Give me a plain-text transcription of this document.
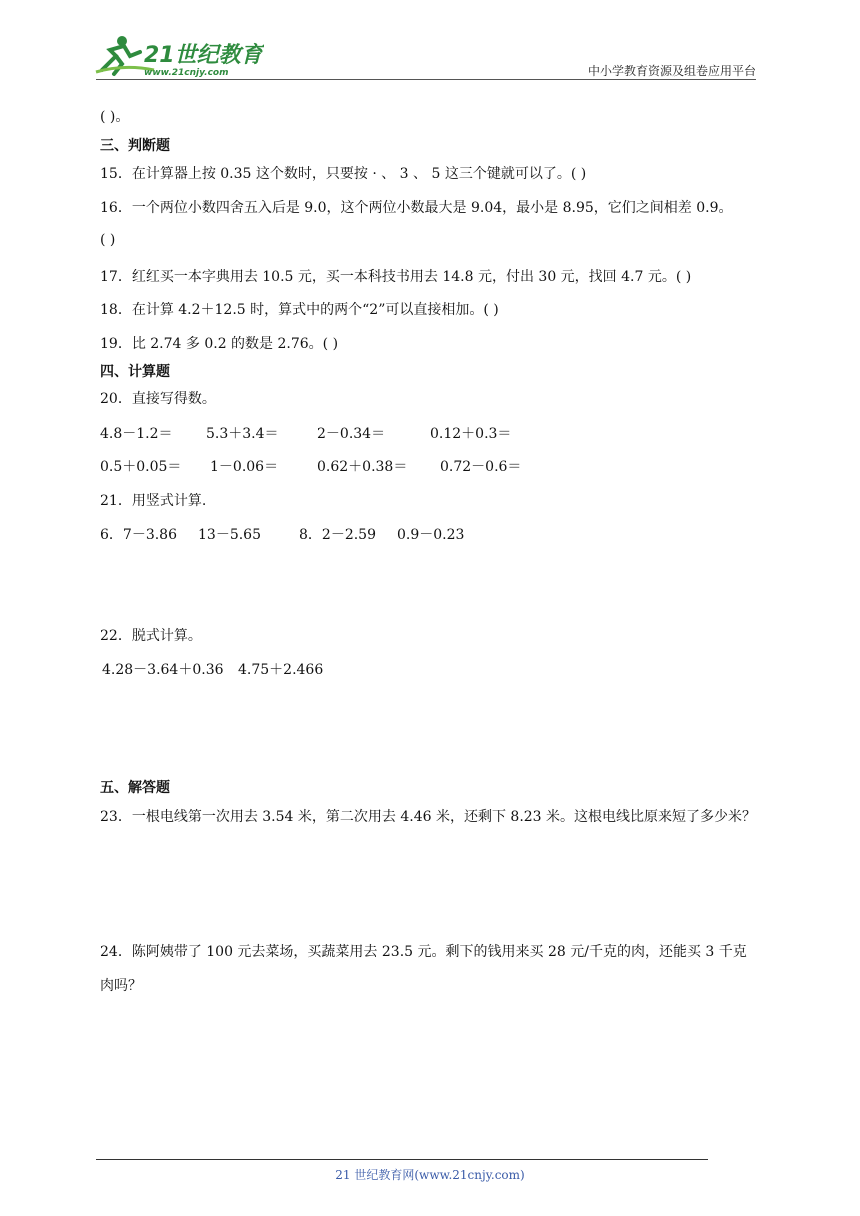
21世纪教育
www.21cnjy.com	中小学教育资源及组卷应用平台
( )。
三、判断题
15．在计算器上按 0.35 这个数时，只要按 · 、 3 、 5 这三个键就可以了。( )
16．一个两位小数四舍五入后是 9.0，这个两位小数最大是 9.04，最小是 8.95，它们之间相差 0.9。
( )
17．红红买一本字典用去 10.5 元，买一本科技书用去 14.8 元，付出 30 元，找回 4.7 元。( )
18．在计算 4.2＋12.5 时，算式中的两个“2”可以直接相加。( )
19．比 2.74 多 0.2 的数是 2.76。( )
四、计算题
20．直接写得数。
4.8－1.2＝ 5.3＋3.4＝	2－0.34＝	0.12＋0.3＝
0.5＋0.05＝ 1－0.06＝	0.62＋0.38＝ 0.72－0.6＝
21．用竖式计算.
6．7－3.86 13－5.65	8．2－2.59 0.9－0.23
22．脱式计算。
4.28－3.64＋0.36 4.75＋2.466
五、解答题
23．一根电线第一次用去 3.54 米，第二次用去 4.46 米，还剩下 8.23 米。这根电线比原来短了多少米？
24．陈阿姨带了 100 元去菜场，买蔬菜用去 23.5 元。剩下的钱用来买 28 元/千克的肉，还能买 3 千克
肉吗？
21 世纪教育网(www.21cnjy.com)
